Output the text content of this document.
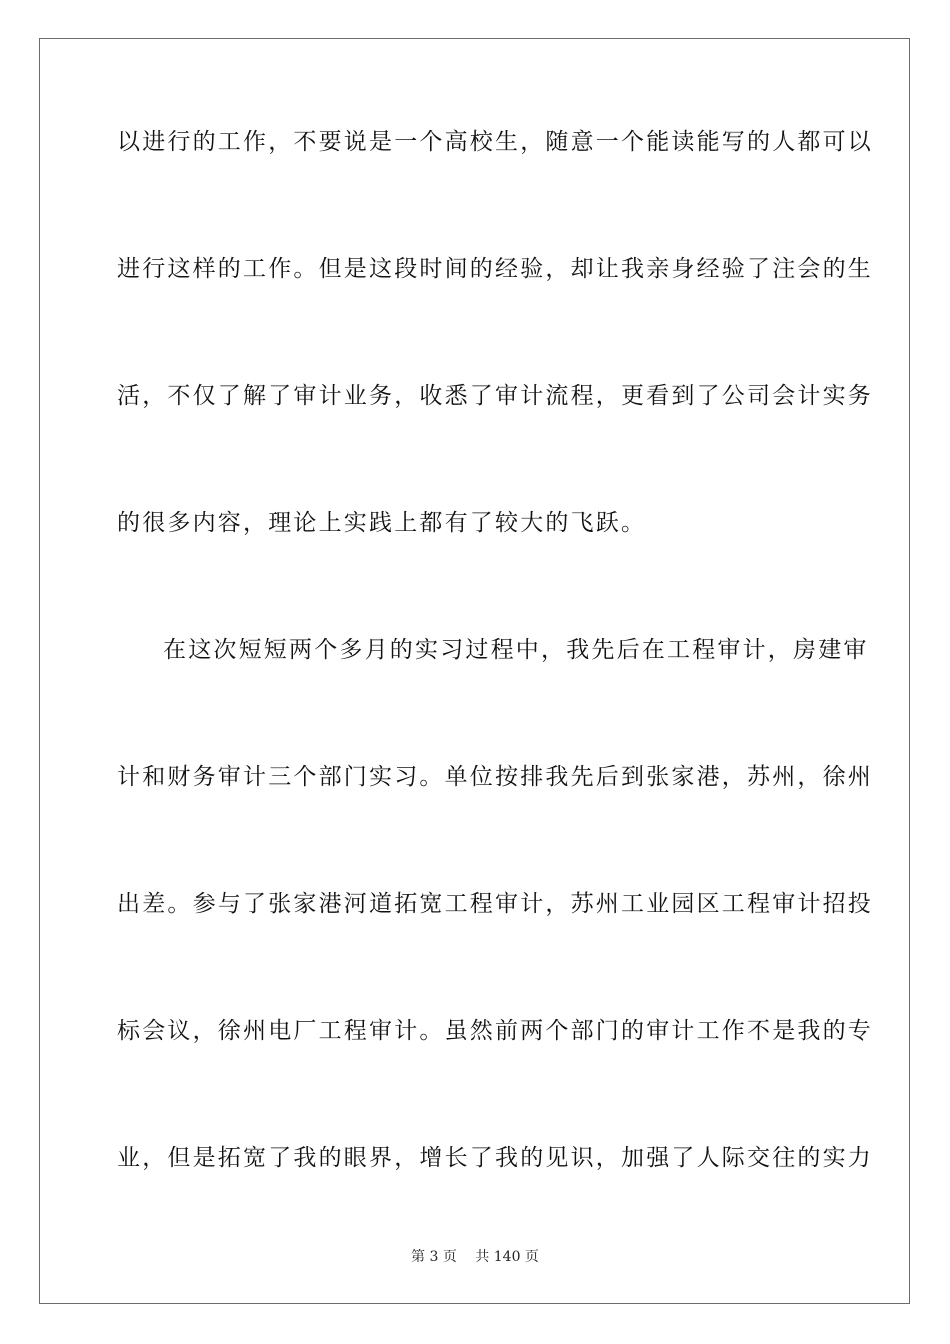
以进行的工作，不要说是一个高校生，随意一个能读能写的人都可以
进行这样的工作。但是这段时间的经验，却让我亲身经验了注会的生
活，不仅了解了审计业务，收悉了审计流程，更看到了公司会计实务
的很多内容，理论上实践上都有了较大的飞跃。
在这次短短两个多月的实习过程中，我先后在工程审计，房建审
计和财务审计三个部门实习。单位按排我先后到张家港，苏州，徐州
出差。参与了张家港河道拓宽工程审计，苏州工业园区工程审计招投
标会议，徐州电厂工程审计。虽然前两个部门的审计工作不是我的专
业，但是拓宽了我的眼界，增长了我的见识，加强了人际交往的实力
第 3 页　 共 140 页
